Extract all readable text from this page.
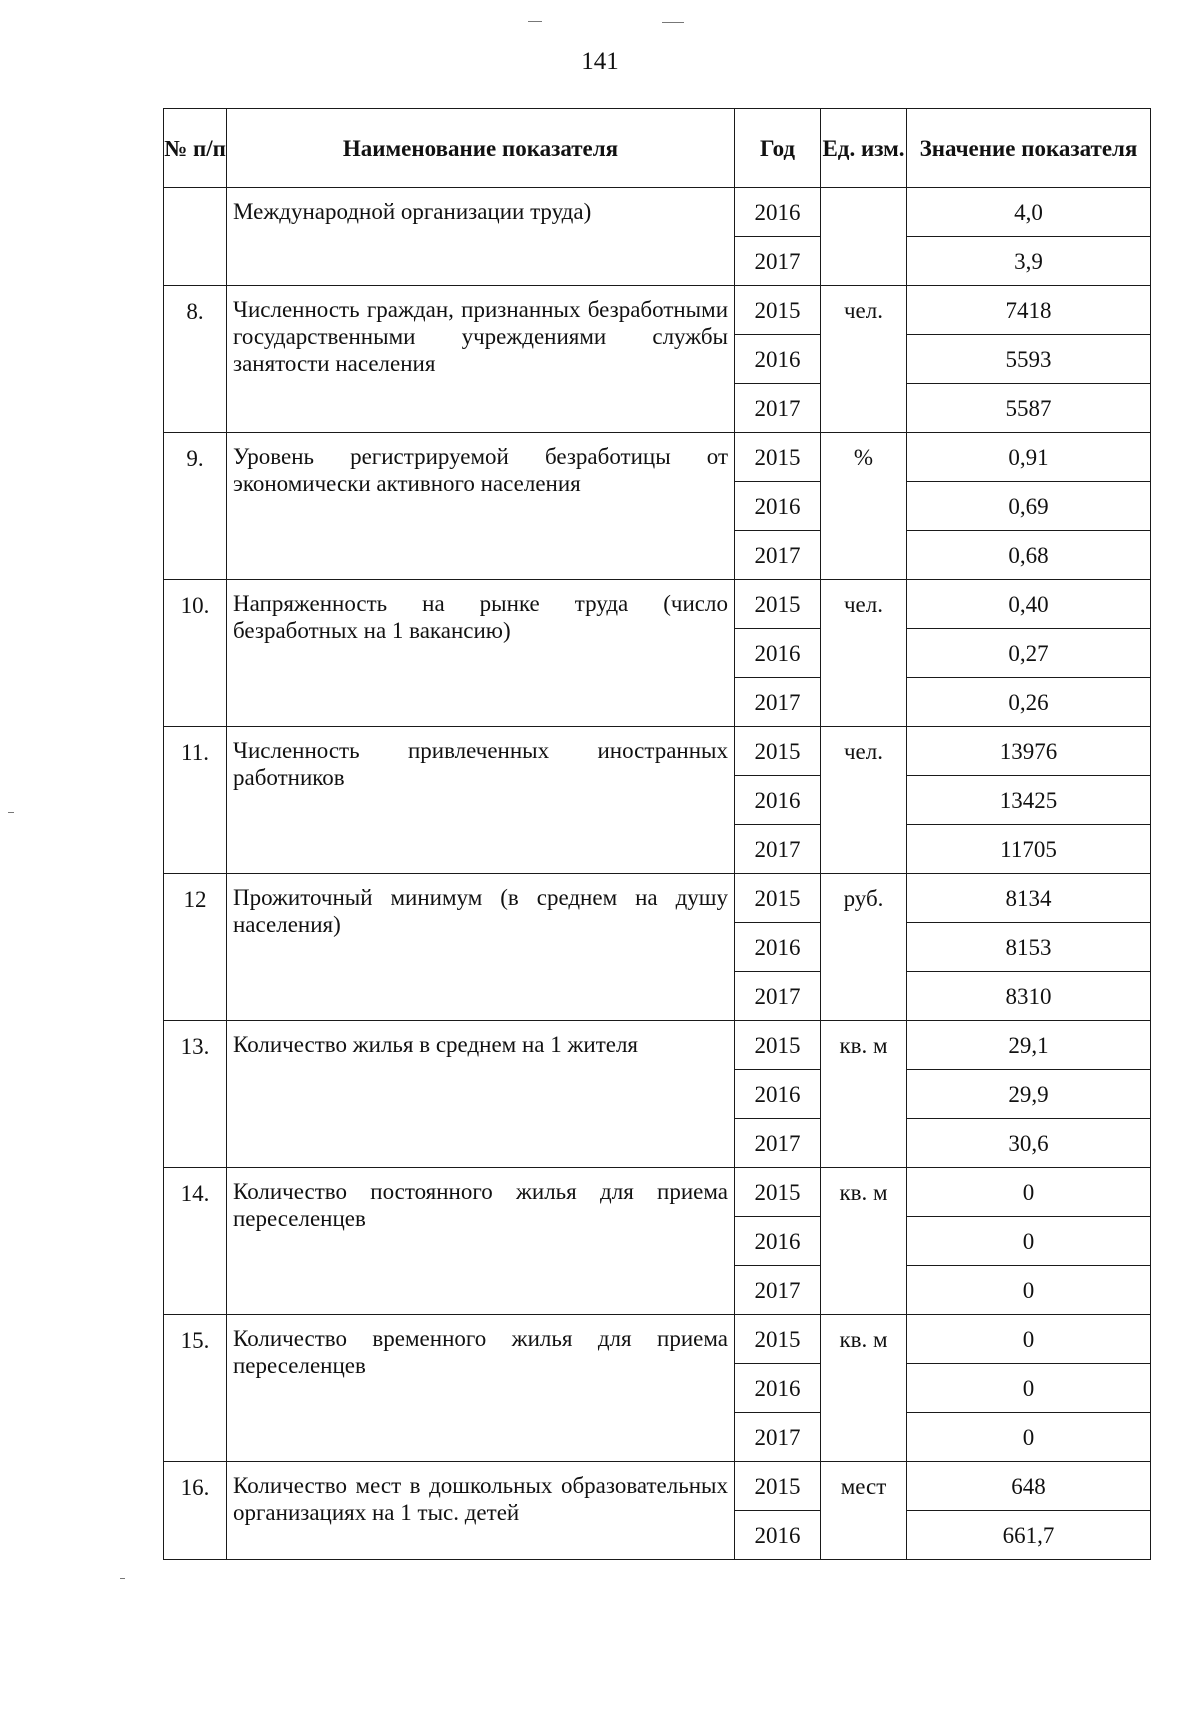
141
№ п/п	Наименование показателя	Год	Ед. изм.	Значение показателя
	Международной организации труда)	2016		4,0
		2017		3,9
8.	Численность граждан, признанных безработными государственными учреждениями службы занятости населения	2015	чел.	7418
		2016		5593
		2017		5587
9.	Уровень регистрируемой безработицы от экономически активного населения	2015	%	0,91
		2016		0,69
		2017		0,68
10.	Напряженность на рынке труда (число безработных на 1 вакансию)	2015	чел.	0,40
		2016		0,27
		2017		0,26
11.	Численность привлеченных иностранных работников	2015	чел.	13976
		2016		13425
		2017		11705
12	Прожиточный минимум (в среднем на душу населения)	2015	руб.	8134
		2016		8153
		2017		8310
13.	Количество жилья в среднем на 1 жителя	2015	кв. м	29,1
		2016		29,9
		2017		30,6
14.	Количество постоянного жилья для приема переселенцев	2015	кв. м	0
		2016		0
		2017		0
15.	Количество временного жилья для приема переселенцев	2015	кв. м	0
		2016		0
		2017		0
16.	Количество мест в дошкольных образовательных организациях на 1 тыс. детей	2015	мест	648
		2016		661,7
